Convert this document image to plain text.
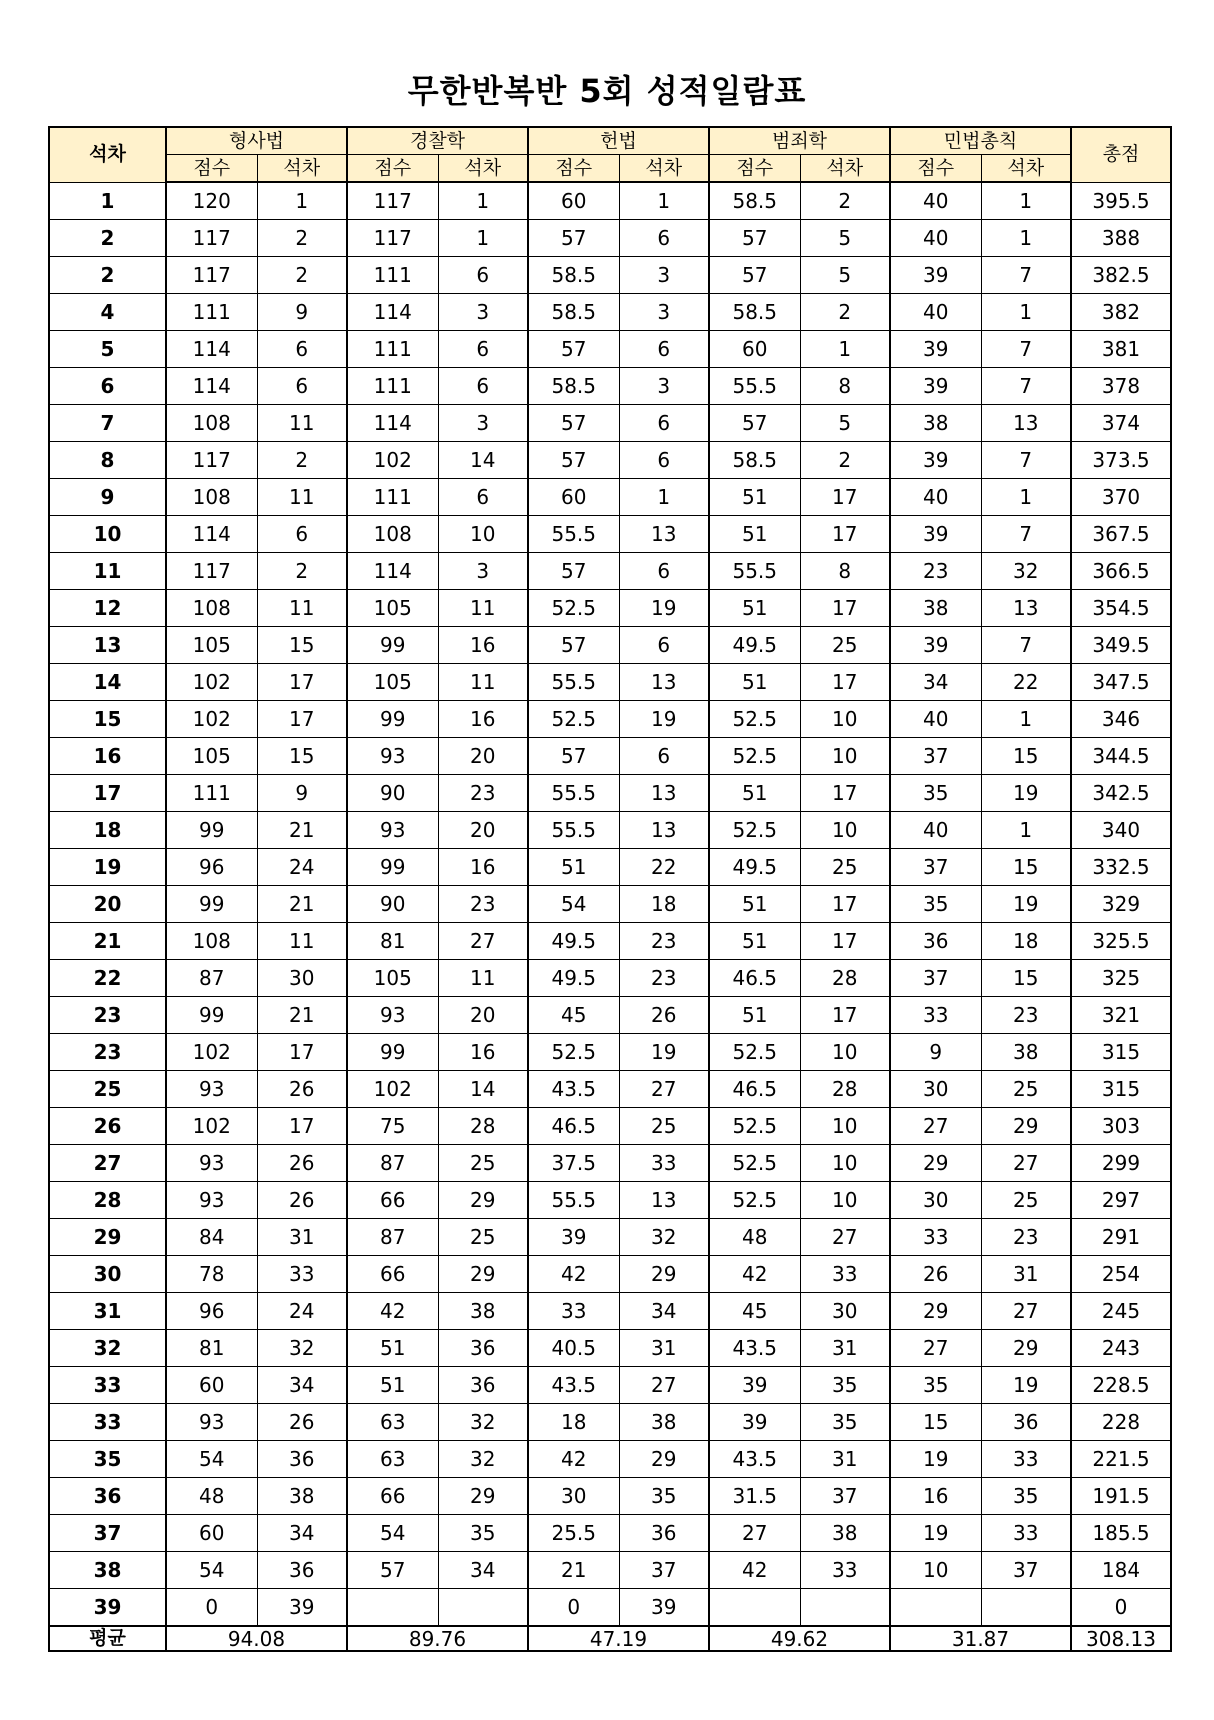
무한반복반 5회 성적일람표
석차	형사법		경찰학		헌법		범죄학		민법총칙		총점
	점수	석차	점수	석차	점수	석차	점수	석차	점수	석차	
1	120	1	117	1	60	1	58.5	2	40	1	395.5
2	117	2	117	1	57	6	57	5	40	1	388
2	117	2	111	6	58.5	3	57	5	39	7	382.5
4	111	9	114	3	58.5	3	58.5	2	40	1	382
5	114	6	111	6	57	6	60	1	39	7	381
6	114	6	111	6	58.5	3	55.5	8	39	7	378
7	108	11	114	3	57	6	57	5	38	13	374
8	117	2	102	14	57	6	58.5	2	39	7	373.5
9	108	11	111	6	60	1	51	17	40	1	370
10	114	6	108	10	55.5	13	51	17	39	7	367.5
11	117	2	114	3	57	6	55.5	8	23	32	366.5
12	108	11	105	11	52.5	19	51	17	38	13	354.5
13	105	15	99	16	57	6	49.5	25	39	7	349.5
14	102	17	105	11	55.5	13	51	17	34	22	347.5
15	102	17	99	16	52.5	19	52.5	10	40	1	346
16	105	15	93	20	57	6	52.5	10	37	15	344.5
17	111	9	90	23	55.5	13	51	17	35	19	342.5
18	99	21	93	20	55.5	13	52.5	10	40	1	340
19	96	24	99	16	51	22	49.5	25	37	15	332.5
20	99	21	90	23	54	18	51	17	35	19	329
21	108	11	81	27	49.5	23	51	17	36	18	325.5
22	87	30	105	11	49.5	23	46.5	28	37	15	325
23	99	21	93	20	45	26	51	17	33	23	321
23	102	17	99	16	52.5	19	52.5	10	9	38	315
25	93	26	102	14	43.5	27	46.5	28	30	25	315
26	102	17	75	28	46.5	25	52.5	10	27	29	303
27	93	26	87	25	37.5	33	52.5	10	29	27	299
28	93	26	66	29	55.5	13	52.5	10	30	25	297
29	84	31	87	25	39	32	48	27	33	23	291
30	78	33	66	29	42	29	42	33	26	31	254
31	96	24	42	38	33	34	45	30	29	27	245
32	81	32	51	36	40.5	31	43.5	31	27	29	243
33	60	34	51	36	43.5	27	39	35	35	19	228.5
33	93	26	63	32	18	38	39	35	15	36	228
35	54	36	63	32	42	29	43.5	31	19	33	221.5
36	48	38	66	29	30	35	31.5	37	16	35	191.5
37	60	34	54	35	25.5	36	27	38	19	33	185.5
38	54	36	57	34	21	37	42	33	10	37	184
39	0	39			0	39					0
평균	94.08		89.76		47.19		49.62		31.87		308.13
